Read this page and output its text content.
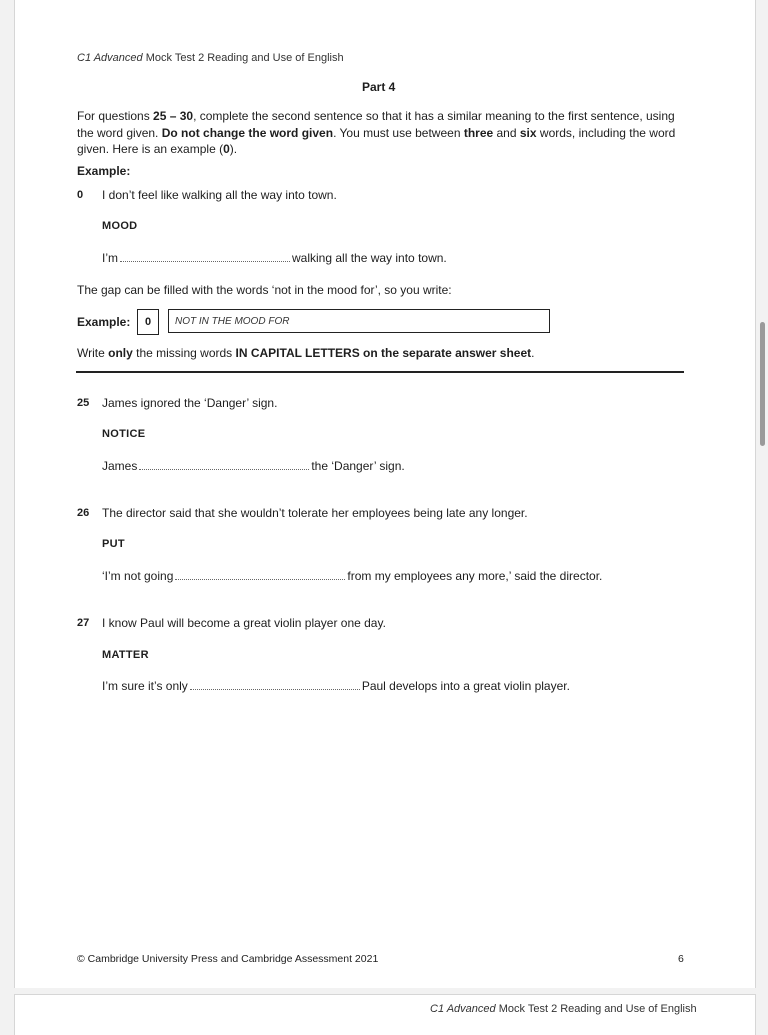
C1 Advanced Mock Test 2 Reading and Use of English
Part 4
For questions 25 – 30, complete the second sentence so that it has a similar meaning to the first sentence, using the word given. Do not change the word given. You must use between three and six words, including the word given. Here is an example (0).
Example:
0 I don’t feel like walking all the way into town.
MOOD
I’m	walking all the way into town.
The gap can be filled with the words ‘not in the mood for’, so you write:
Example:	0	NOT IN THE MOOD FOR
Write only the missing words IN CAPITAL LETTERS on the separate answer sheet.
25 James ignored the ‘Danger’ sign.
NOTICE
James	the ‘Danger’ sign.
26 The director said that she wouldn’t tolerate her employees being late any longer.
PUT
‘I’m not going	from my employees any more,’ said the director.
27 I know Paul will become a great violin player one day.
MATTER
I’m sure it’s only	Paul develops into a great violin player.
© Cambridge University Press and Cambridge Assessment 2021	6
C1 Advanced Mock Test 2 Reading and Use of English
